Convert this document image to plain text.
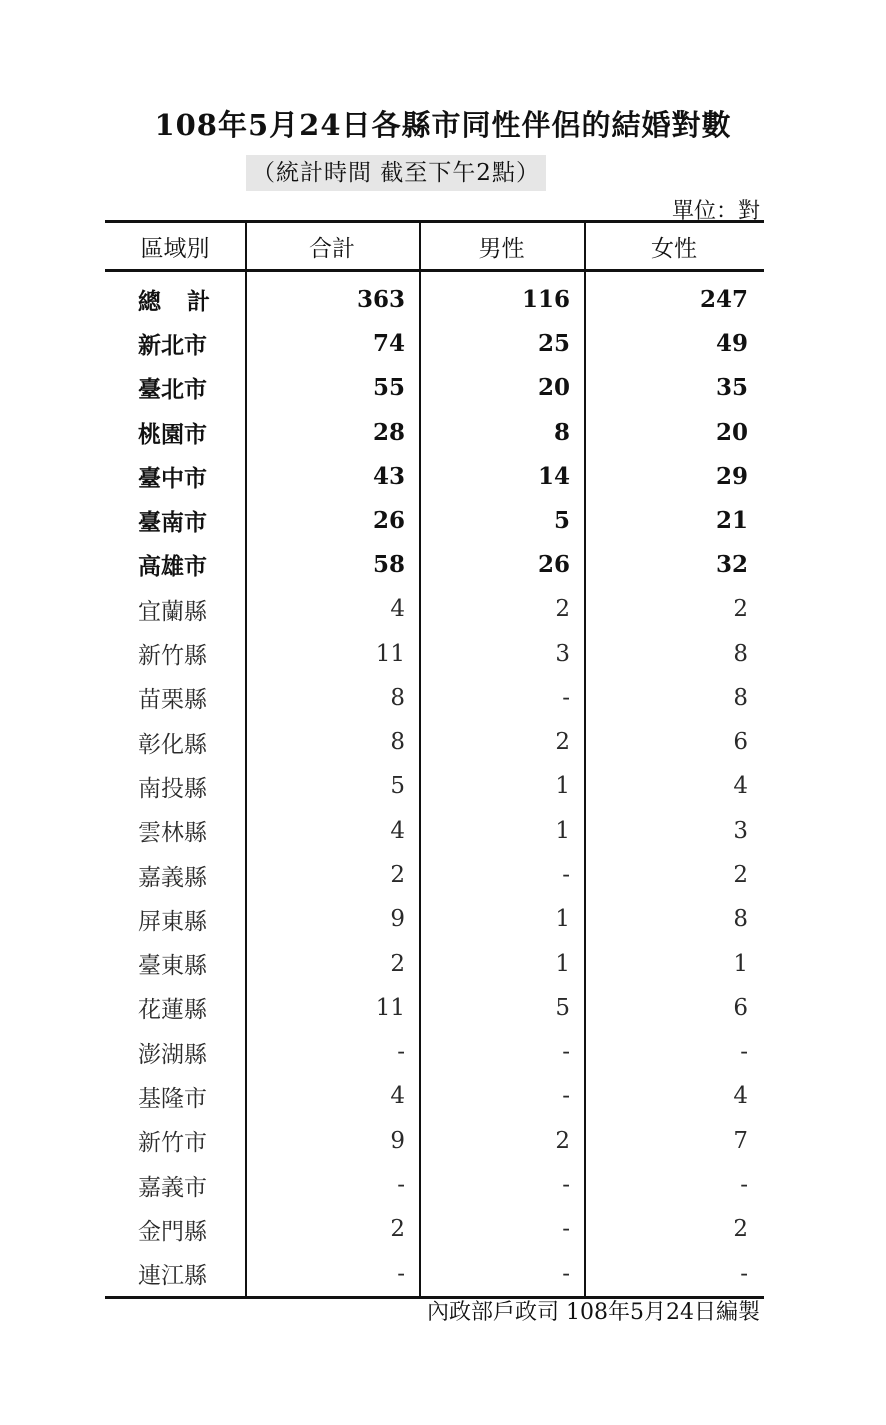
108年5月24日各縣市同性伴侶的結婚對數
（統計時間 截至下午2點）
單位：對
區域別	合計	男性	女性
總計	363	116	247
新北市	74	25	49
臺北市	55	20	35
桃園市	28	8	20
臺中市	43	14	29
臺南市	26	5	21
高雄市	58	26	32
宜蘭縣	4	2	2
新竹縣	11	3	8
苗栗縣	8	-	8
彰化縣	8	2	6
南投縣	5	1	4
雲林縣	4	1	3
嘉義縣	2	-	2
屏東縣	9	1	8
臺東縣	2	1	1
花蓮縣	11	5	6
澎湖縣	-	-	-
基隆市	4	-	4
新竹市	9	2	7
嘉義市	-	-	-
金門縣	2	-	2
連江縣	-	-	-
內政部戶政司 108年5月24日編製
